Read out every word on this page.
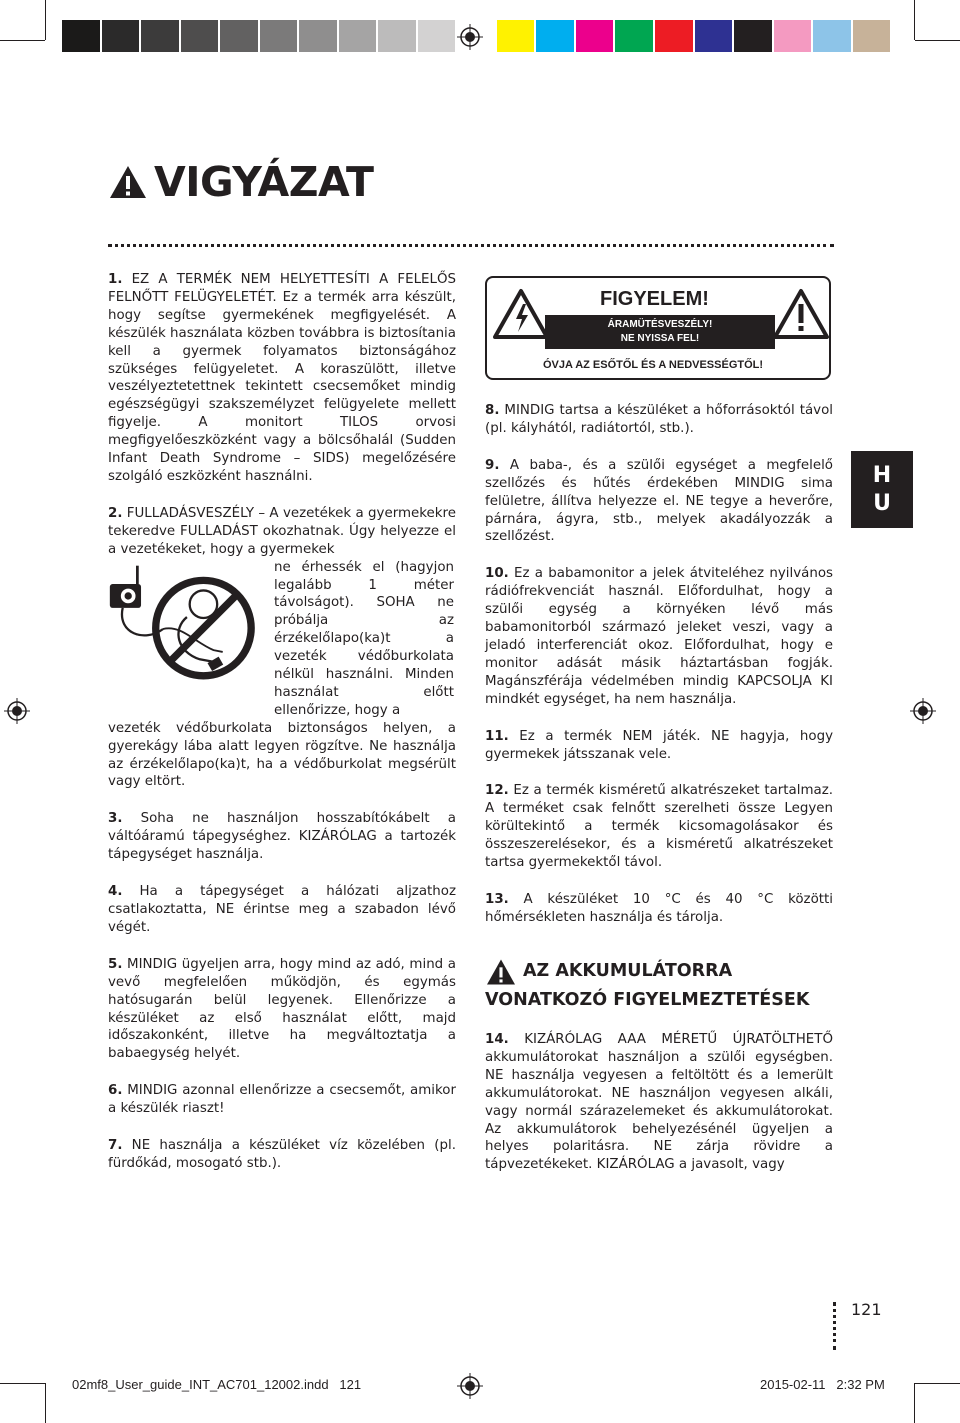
VIGYÁZAT

1. EZ A TERMÉK NEM HELYETTESÍTI A FELELŐS FELNŐTT FELÜGYELETÉT. Ez a termék arra készült, hogy segítse gyermekének megfigyelését. A készülék használata közben továbbra is biztosítania kell a gyermek folyamatos biztonságához szükséges felügyeletet. A koraszülött, illetve veszélyeztetettnek tekintett csecsemőket mindig egészségügyi szakszemélyzet felügyelete mellett figyelje. A monitort TILOS orvosi megfigyelőeszközként vagy a bölcsőhalál (Sudden Infant Death Syndrome – SIDS) megelőzésére szolgáló eszközként használni.

2. FULLADÁSVESZÉLY – A vezetékek a gyermekekre tekeredve FULLADÁST okozhatnak. Úgy helyezze el a vezetékeket, hogy a gyermekek

ne érhessék el (hagyjon legalább 1 méter távolságot). SOHA ne próbálja az érzékelőlapo(ka)t a vezeték védőburkolata nélkül használni. Minden használat előtt ellenőrizze, hogy a

vezeték védőburkolata biztonságos helyen, a gyerekágy lába alatt legyen rögzítve. Ne használja az érzékelőlapo(ka)t, ha a védőburkolat megsérült vagy eltört.

3. Soha ne használjon hosszabítókábelt a váltóáramú tápegységhez. KIZÁRÓLAG a tartozék tápegységet használja.

4. Ha a tápegységet a hálózati aljzathoz csatlakoztatta, NE érintse meg a szabadon lévő végét.

5. MINDIG ügyeljen arra, hogy mind az adó, mind a vevő megfelelően működjön, és egymás hatósugarán belül legyenek. Ellenőrizze a készüléket az első használat előtt, majd időszakonként, illetve ha megváltoztatja a babaegység helyét.

6. MINDIG azonnal ellenőrizze a csecsemőt, amikor a készülék riaszt!

7. NE használja a készüléket víz közelében (pl. fürdőkád, mosogató stb.).

FIGYELEM!
ÁRAMÜTÉSVESZÉLY!
NE NYISSA FEL!
ÓVJA AZ ESŐTŐL ÉS A NEDVESSÉGTŐL!

8. MINDIG tartsa a készüléket a hőforrásoktól távol (pl. kályhától, radiátortól, stb.).

9. A baba-, és a szülői egységet a megfelelő szellőzés és hűtés érdekében MINDIG sima felületre, állítva helyezze el. NE tegye a heverőre, párnára, ágyra, stb., melyek akadályozzák a szellőzést.

10. Ez a babamonitor a jelek átviteléhez nyilvános rádiófrekvenciát használ. Előfordulhat, hogy a szülői egység a környéken lévő más babamonitorból származó jeleket veszi, vagy a jeladó interferenciát okoz. Előfordulhat, hogy e monitor adását másik háztartásban fogják. Magánszférája védelmében mindig KAPCSOLJA KI mindkét egységet, ha nem használja.

11. Ez a termék NEM játék. NE hagyja, hogy gyermekek játsszanak vele.

12. Ez a termék kisméretű alkatrészeket tartalmaz. A terméket csak felnőtt szerelheti össze Legyen körültekintő a termék kicsomagolásakor és összeszerelésekor, és a kisméretű alkatrészeket tartsa gyermekektől távol.

13. A készüléket 10 °C és 40 °C közötti hőmérsékleten használja és tárolja.

AZ AKKUMULÁTORRA
VONATKOZÓ FIGYELMEZTETÉSEK

14. KIZÁRÓLAG AAA MÉRETŰ ÚJRATÖLTHETŐ akkumulátorokat használjon a szülői egységben. NE használja vegyesen a feltöltött és a lemerült akkumulátorokat. NE használjon vegyesen alkáli, vagy normál szárazelemeket és akkumulátorokat. Az akkumulátorok behelyezésénél ügyeljen a helyes polaritásra. NE zárja rövidre a tápvezetékeket. KIZÁRÓLAG a javasolt, vagy

H
U
121
02mf8_User_guide_INT_AC701_12002.indd   121	2015-02-11   2:32 PM
